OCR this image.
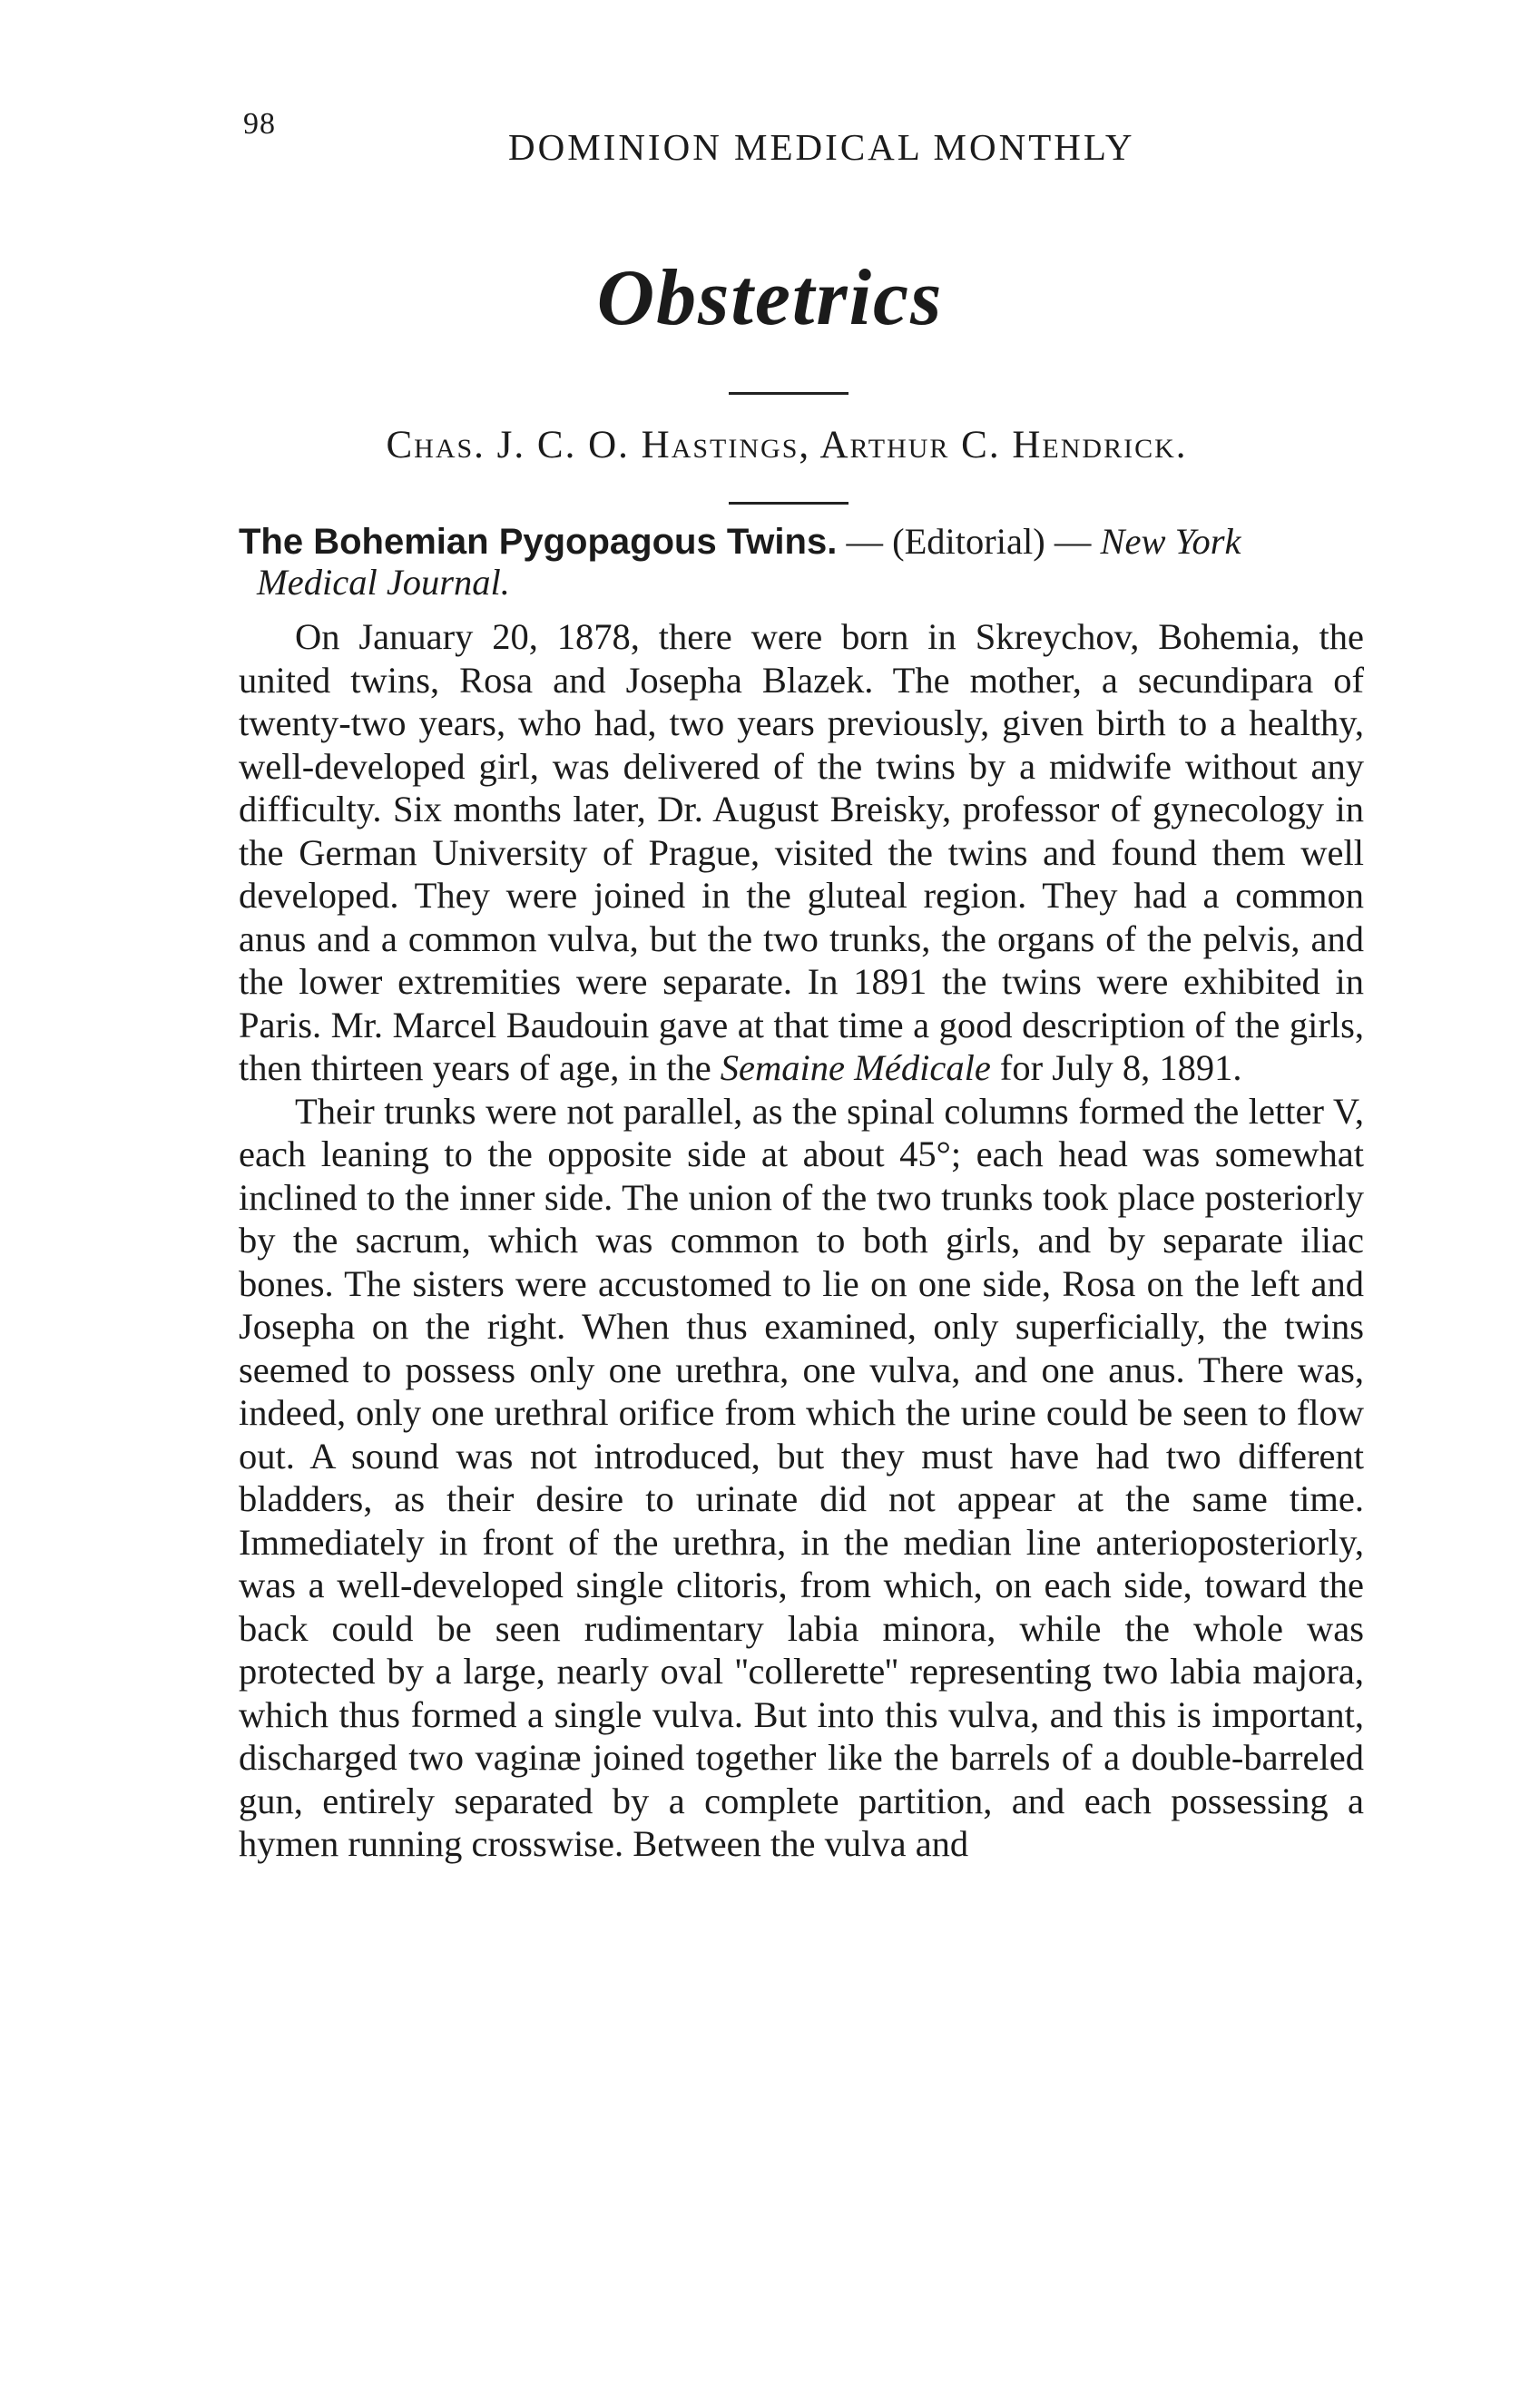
98
DOMINION MEDICAL MONTHLY
Obstetrics
Chas. J. C. O. Hastings, Arthur C. Hendrick.
The Bohemian Pygopagous Twins. — (Editorial) — New York
Medical Journal.

On January 20, 1878, there were born in Skreychov, Bohemia, the united twins, Rosa and Josepha Blazek. The mother, a secundipara of twenty-two years, who had, two years previously, given birth to a healthy, well-developed girl, was delivered of the twins by a midwife without any difficulty. Six months later, Dr. August Breisky, professor of gynecology in the German University of Prague, visited the twins and found them well developed. They were joined in the gluteal region. They had a common anus and a common vulva, but the two trunks, the organs of the pelvis, and the lower extremities were separate. In 1891 the twins were exhibited in Paris. Mr. Marcel Baudouin gave at that time a good description of the girls, then thirteen years of age, in the Semaine Médicale for July 8, 1891.

Their trunks were not parallel, as the spinal columns formed the letter V, each leaning to the opposite side at about 45°; each head was somewhat inclined to the inner side. The union of the two trunks took place posteriorly by the sacrum, which was common to both girls, and by separate iliac bones. The sisters were accustomed to lie on one side, Rosa on the left and Josepha on the right. When thus examined, only superficially, the twins seemed to possess only one urethra, one vulva, and one anus. There was, indeed, only one urethral orifice from which the urine could be seen to flow out. A sound was not introduced, but they must have had two different bladders, as their desire to urinate did not appear at the same time. Immediately in front of the urethra, in the median line anterioposteriorly, was a well-developed single clitoris, from which, on each side, toward the back could be seen rudimentary labia minora, while the whole was protected by a large, nearly oval ''collerette'' representing two labia majora, which thus formed a single vulva. But into this vulva, and this is important, discharged two vaginæ joined together like the barrels of a double-barreled gun, entirely separated by a complete partition, and each possessing a hymen running crosswise. Between the vulva and
